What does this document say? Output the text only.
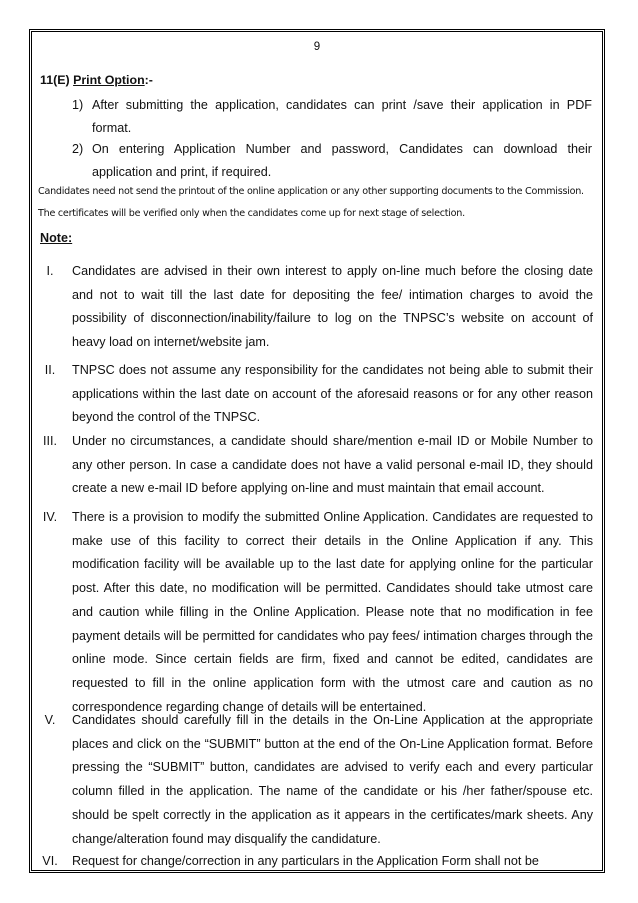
9
11(E) Print Option:-
1) After submitting the application, candidates can print /save their application in PDF format.
2) On entering Application Number and password, Candidates can download their application and print, if required.
Candidates need not send the printout of the online application or any other supporting documents to the Commission. The certificates will be verified only when the candidates come up for next stage of selection.
Note:
I.	Candidates are advised in their own interest to apply on-line much before the closing date and not to wait till the last date for depositing the fee/ intimation charges to avoid the possibility of disconnection/inability/failure to log on the TNPSC’s website on account of heavy load on internet/website jam.
II.	TNPSC does not assume any responsibility for the candidates not being able to submit their applications within the last date on account of the aforesaid reasons or for any other reason beyond the control of the TNPSC.
III.	Under no circumstances, a candidate should share/mention e-mail ID or Mobile Number to any other person. In case a candidate does not have a valid personal e-mail ID, they should create a new e-mail ID before applying on-line and must maintain that email account.
IV.	There is a provision to modify the submitted Online Application. Candidates are requested to make use of this facility to correct their details in the Online Application if any. This modification facility will be available up to the last date for applying online for the particular post. After this date, no modification will be permitted. Candidates should take utmost care and caution while filling in the Online Application. Please note that no modification in fee payment details will be permitted for candidates who pay fees/ intimation charges through the online mode. Since certain fields are firm, fixed and cannot be edited, candidates are requested to fill in the online application form with the utmost care and caution as no correspondence regarding change of details will be entertained.
V.	Candidates should carefully fill in the details in the On-Line Application at the appropriate places and click on the “SUBMIT” button at the end of the On-Line Application format. Before pressing the “SUBMIT” button, candidates are advised to verify each and every particular column filled in the application. The name of the candidate or his /her father/spouse etc. should be spelt correctly in the application as it appears in the certificates/mark sheets. Any change/alteration found may disqualify the candidature.
VI.	Request for change/correction in any particulars in the Application Form shall not be
